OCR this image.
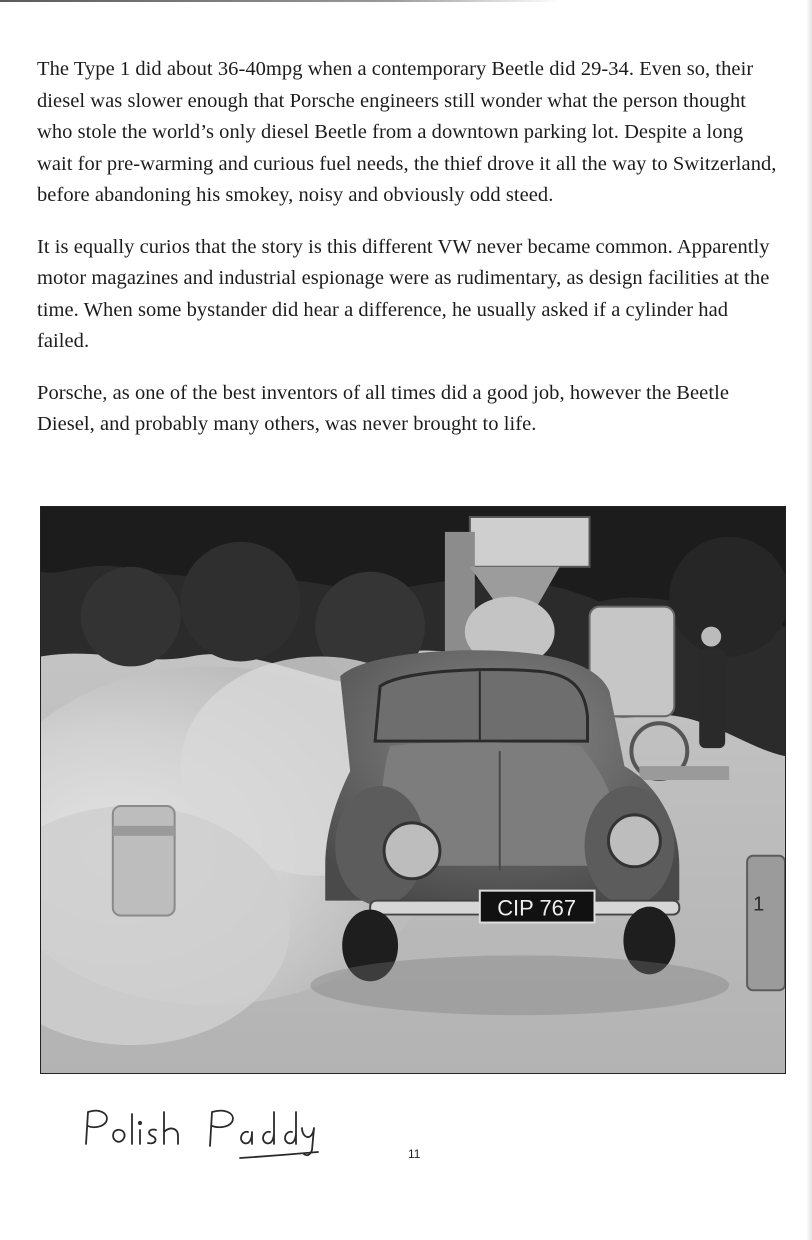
The Type 1 did about 36-40mpg when a contemporary Beetle did 29-34. Even so, their diesel was slower enough that Porsche engineers still wonder what the person thought who stole the world’s only diesel Beetle from a downtown parking lot. Despite a long wait for pre-warming and curious fuel needs, the thief drove it all the way to Switzerland, before abandoning his smokey, noisy and obviously odd steed.

It is equally curios that the story is this different VW never became common. Apparently motor magazines and industrial espionage were as rudimentary, as design facilities at the time. When some bystander did hear a difference, he usually asked if a cylinder had failed.

Porsche, as one of the best inventors of all times did a good job, however the Beetle Diesel, and probably many others, was never brought to life.

1
CIP 767
11
